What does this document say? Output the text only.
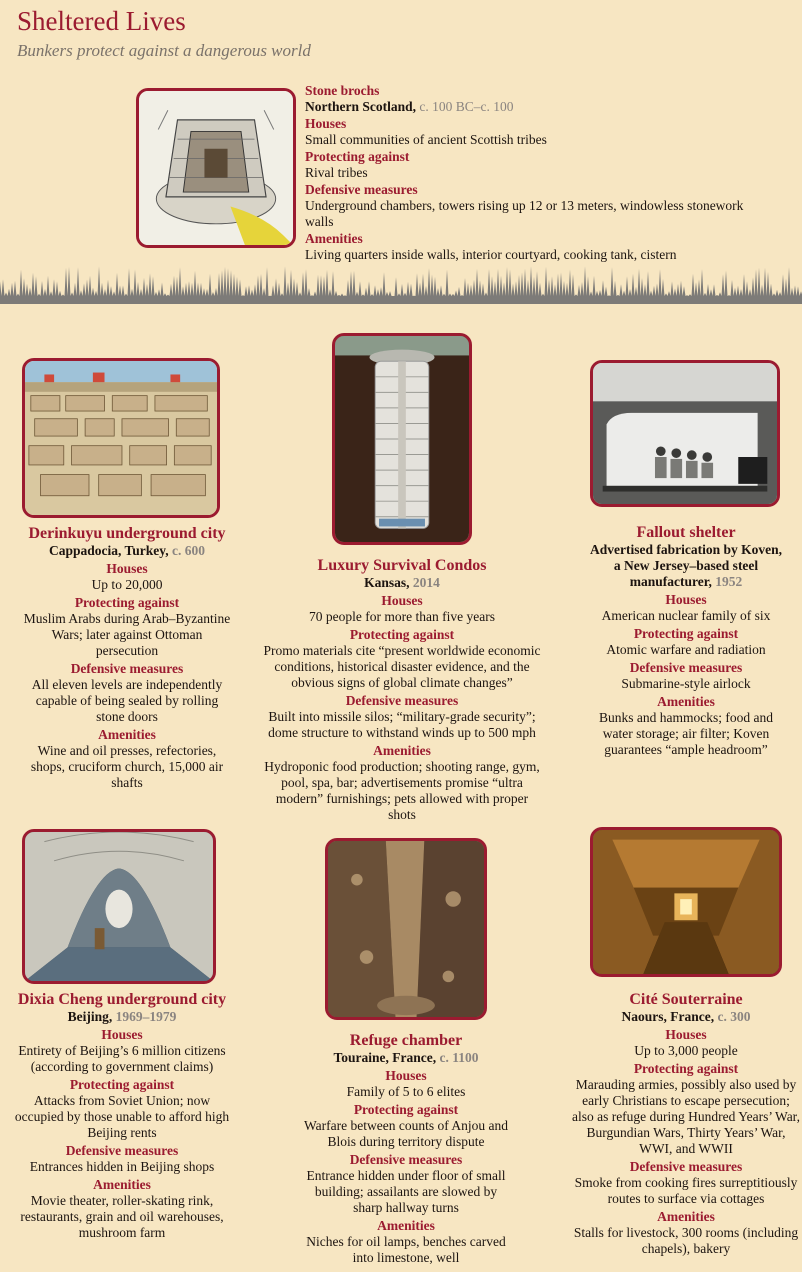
Sheltered Lives
Bunkers protect against a dangerous world
Stone brochs
Northern Scotland, c. 100 BC–c. 100
Houses
Small communities of ancient Scottish tribes
Protecting against
Rival tribes
Defensive measures
Underground chambers, towers rising up 12 or 13 meters, windowless stonework walls
Amenities
Living quarters inside walls, interior courtyard, cooking tank, cistern
Derinkuyu underground city
Cappadocia, Turkey, c. 600
Houses
Up to 20,000
Protecting against
Muslim Arabs during Arab–Byzantine Wars; later against Ottoman persecution
Defensive measures
All eleven levels are independently capable of being sealed by rolling stone doors
Amenities
Wine and oil presses, refectories, shops, cruciform church, 15,000 air shafts
Luxury Survival Condos
Kansas, 2014
Houses
70 people for more than five years
Protecting against
Promo materials cite “present worldwide economic conditions, historical disaster evidence, and the obvious signs of global climate changes”
Defensive measures
Built into missile silos; “military-grade security”; dome structure to withstand winds up to 500 mph
Amenities
Hydroponic food production; shooting range, gym, pool, spa, bar; advertisements promise “ultra modern” furnishings; pets allowed with proper shots
Fallout shelter
Advertised fabrication by Koven, a New Jersey–based steel manufacturer, 1952
Houses
American nuclear family of six
Protecting against
Atomic warfare and radiation
Defensive measures
Submarine-style airlock
Amenities
Bunks and hammocks; food and water storage; air filter; Koven guarantees “ample headroom”
Dixia Cheng underground city
Beijing, 1969–1979
Houses
Entirety of Beijing’s 6 million citizens (according to government claims)
Protecting against
Attacks from Soviet Union; now occupied by those unable to afford high Beijing rents
Defensive measures
Entrances hidden in Beijing shops
Amenities
Movie theater, roller-skating rink, restaurants, grain and oil warehouses, mushroom farm
Refuge chamber
Touraine, France, c. 1100
Houses
Family of 5 to 6 elites
Protecting against
Warfare between counts of Anjou and Blois during territory dispute
Defensive measures
Entrance hidden under floor of small building; assailants are slowed by sharp hallway turns
Amenities
Niches for oil lamps, benches carved into limestone, well
Cité Souterraine
Naours, France, c. 300
Houses
Up to 3,000 people
Protecting against
Marauding armies, possibly also used by early Christians to escape persecution; also as refuge during Hundred Years’ War, Burgundian Wars, Thirty Years’ War, WWI, and WWII
Defensive measures
Smoke from cooking fires surreptitiously routes to surface via cottages
Amenities
Stalls for livestock, 300 rooms (including chapels), bakery
